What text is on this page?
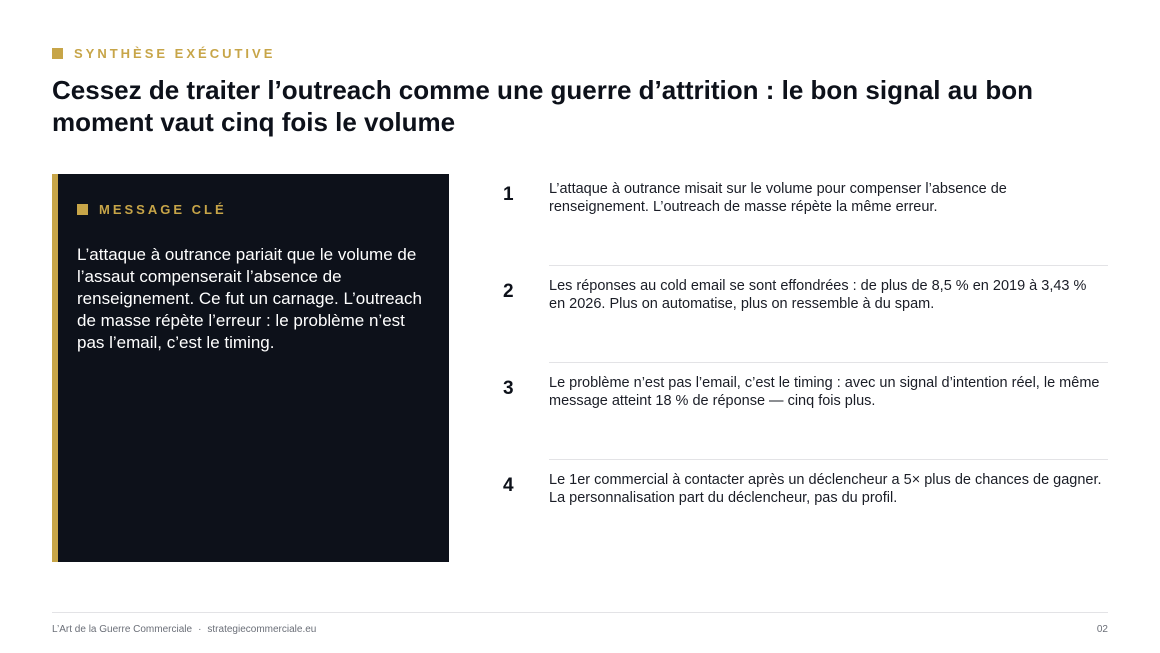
SYNTHÈSE EXÉCUTIVE
Cessez de traiter l’outreach comme une guerre d’attrition : le bon signal au bon moment vaut cinq fois le volume
MESSAGE CLÉ

L’attaque à outrance pariait que le volume de l’assaut compenserait l’absence de renseignement. Ce fut un carnage. L’outreach de masse répète l’erreur : le problème n’est pas l’email, c’est le timing.

1	L’attaque à outrance misait sur le volume pour compenser l’absence de renseignement. L’outreach de masse répète la même erreur.

2	Les réponses au cold email se sont effondrées : de plus de 8,5 % en 2019 à 3,43 % en 2026. Plus on automatise, plus on ressemble à du spam.

3	Le problème n’est pas l’email, c’est le timing : avec un signal d’intention réel, le même message atteint 18 % de réponse — cinq fois plus.

4	Le 1er commercial à contacter après un déclencheur a 5× plus de chances de gagner. La personnalisation part du déclencheur, pas du profil.

L’Art de la Guerre Commerciale · strategiecommerciale.eu	02
